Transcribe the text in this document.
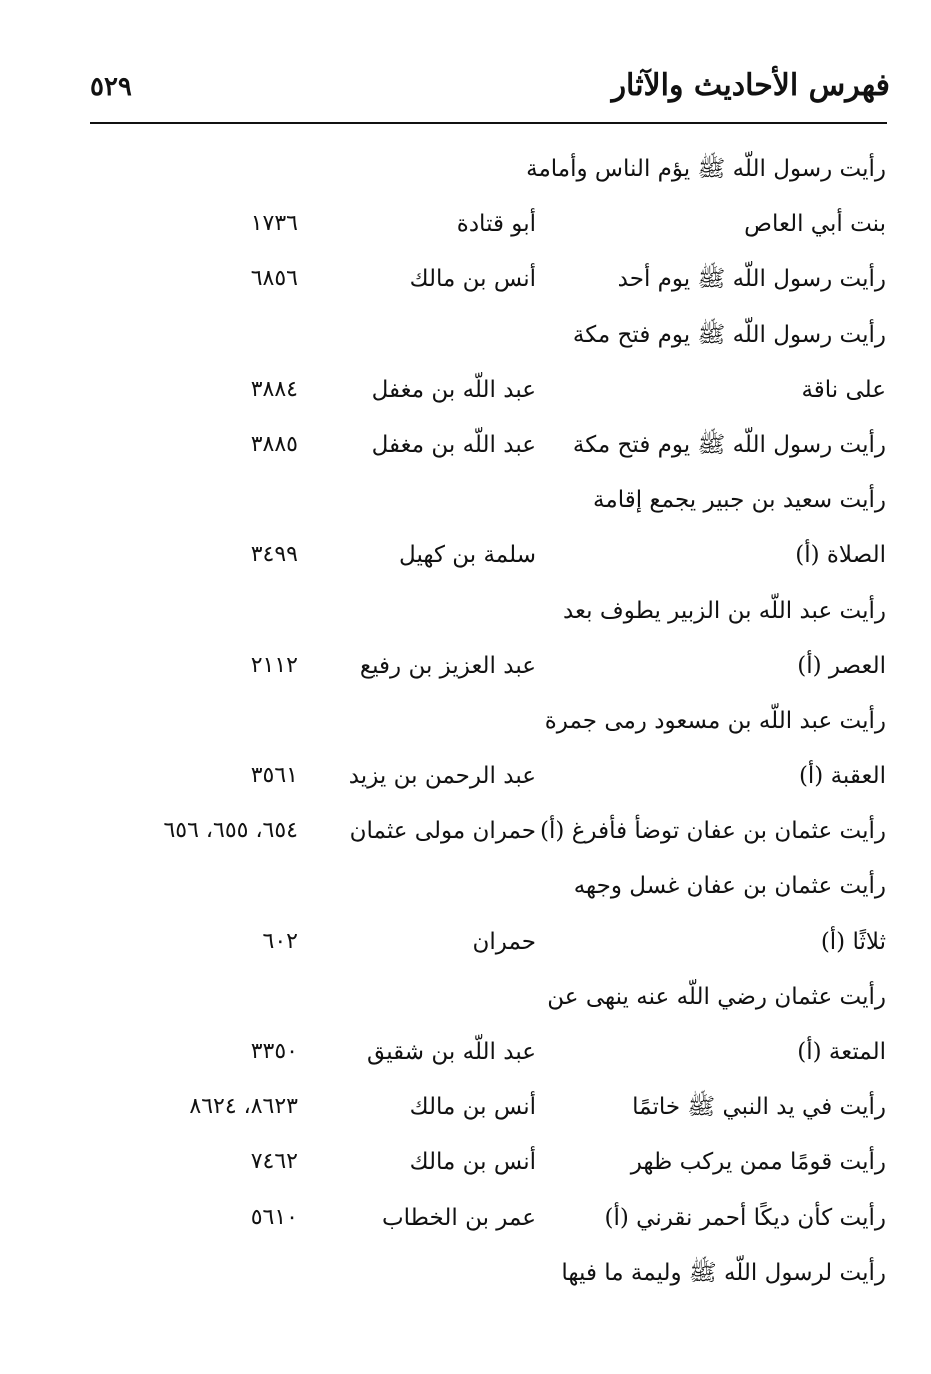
فهرس الأحاديث والآثار
٥٢٩
رأيت رسول اللّه ﷺ يؤم الناس وأمامة
بنت أبي العاص
أبو قتادة
١٧٣٦
رأيت رسول اللّه ﷺ يوم أحد
أنس بن مالك
٦٨٥٦
رأيت رسول اللّه ﷺ يوم فتح مكة
على ناقة
عبد اللّه بن مغفل
٣٨٨٤
رأيت رسول اللّه ﷺ يوم فتح مكة
عبد اللّه بن مغفل
٣٨٨٥
رأيت سعيد بن جبير يجمع إقامة
الصلاة (أ)
سلمة بن كهيل
٣٤٩٩
رأيت عبد اللّه بن الزبير يطوف بعد
العصر (أ)
عبد العزيز بن رفيع
٢١١٢
رأيت عبد اللّه بن مسعود رمى جمرة
العقبة (أ)
عبد الرحمن بن يزيد
٣٥٦١
رأيت عثمان بن عفان توضأ فأفرغ (أ)
حمران مولى عثمان
٦٥٤، ٦٥٥، ٦٥٦
رأيت عثمان بن عفان غسل وجهه
ثلاثًا (أ)
حمران
٦٠٢
رأيت عثمان رضي اللّه عنه ينهى عن
المتعة (أ)
عبد اللّه بن شقيق
٣٣٥٠
رأيت في يد النبي ﷺ خاتمًا
أنس بن مالك
٨٦٢٣، ٨٦٢٤
رأيت قومًا ممن يركب ظهر
أنس بن مالك
٧٤٦٢
رأيت كأن ديكًا أحمر نقرني (أ)
عمر بن الخطاب
٥٦١٠
رأيت لرسول اللّه ﷺ وليمة ما فيها
